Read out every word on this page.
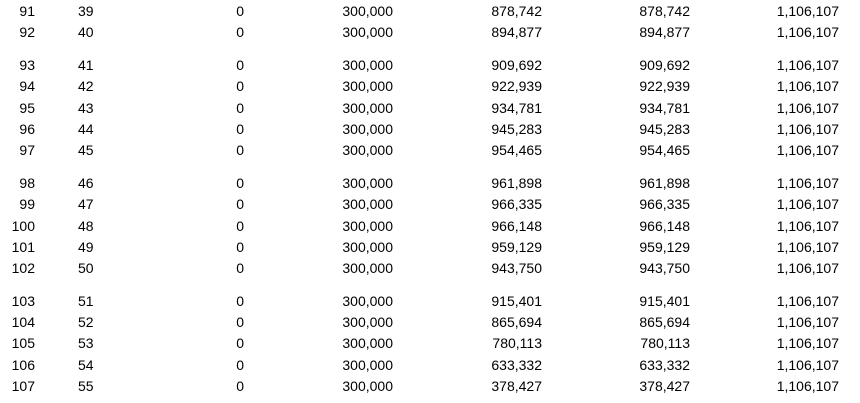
91	39	0	300,000	878,742	878,742	1,106,107
92	40	0	300,000	894,877	894,877	1,106,107
93	41	0	300,000	909,692	909,692	1,106,107
94	42	0	300,000	922,939	922,939	1,106,107
95	43	0	300,000	934,781	934,781	1,106,107
96	44	0	300,000	945,283	945,283	1,106,107
97	45	0	300,000	954,465	954,465	1,106,107
98	46	0	300,000	961,898	961,898	1,106,107
99	47	0	300,000	966,335	966,335	1,106,107
100	48	0	300,000	966,148	966,148	1,106,107
101	49	0	300,000	959,129	959,129	1,106,107
102	50	0	300,000	943,750	943,750	1,106,107
103	51	0	300,000	915,401	915,401	1,106,107
104	52	0	300,000	865,694	865,694	1,106,107
105	53	0	300,000	780,113	780,113	1,106,107
106	54	0	300,000	633,332	633,332	1,106,107
107	55	0	300,000	378,427	378,427	1,106,107
